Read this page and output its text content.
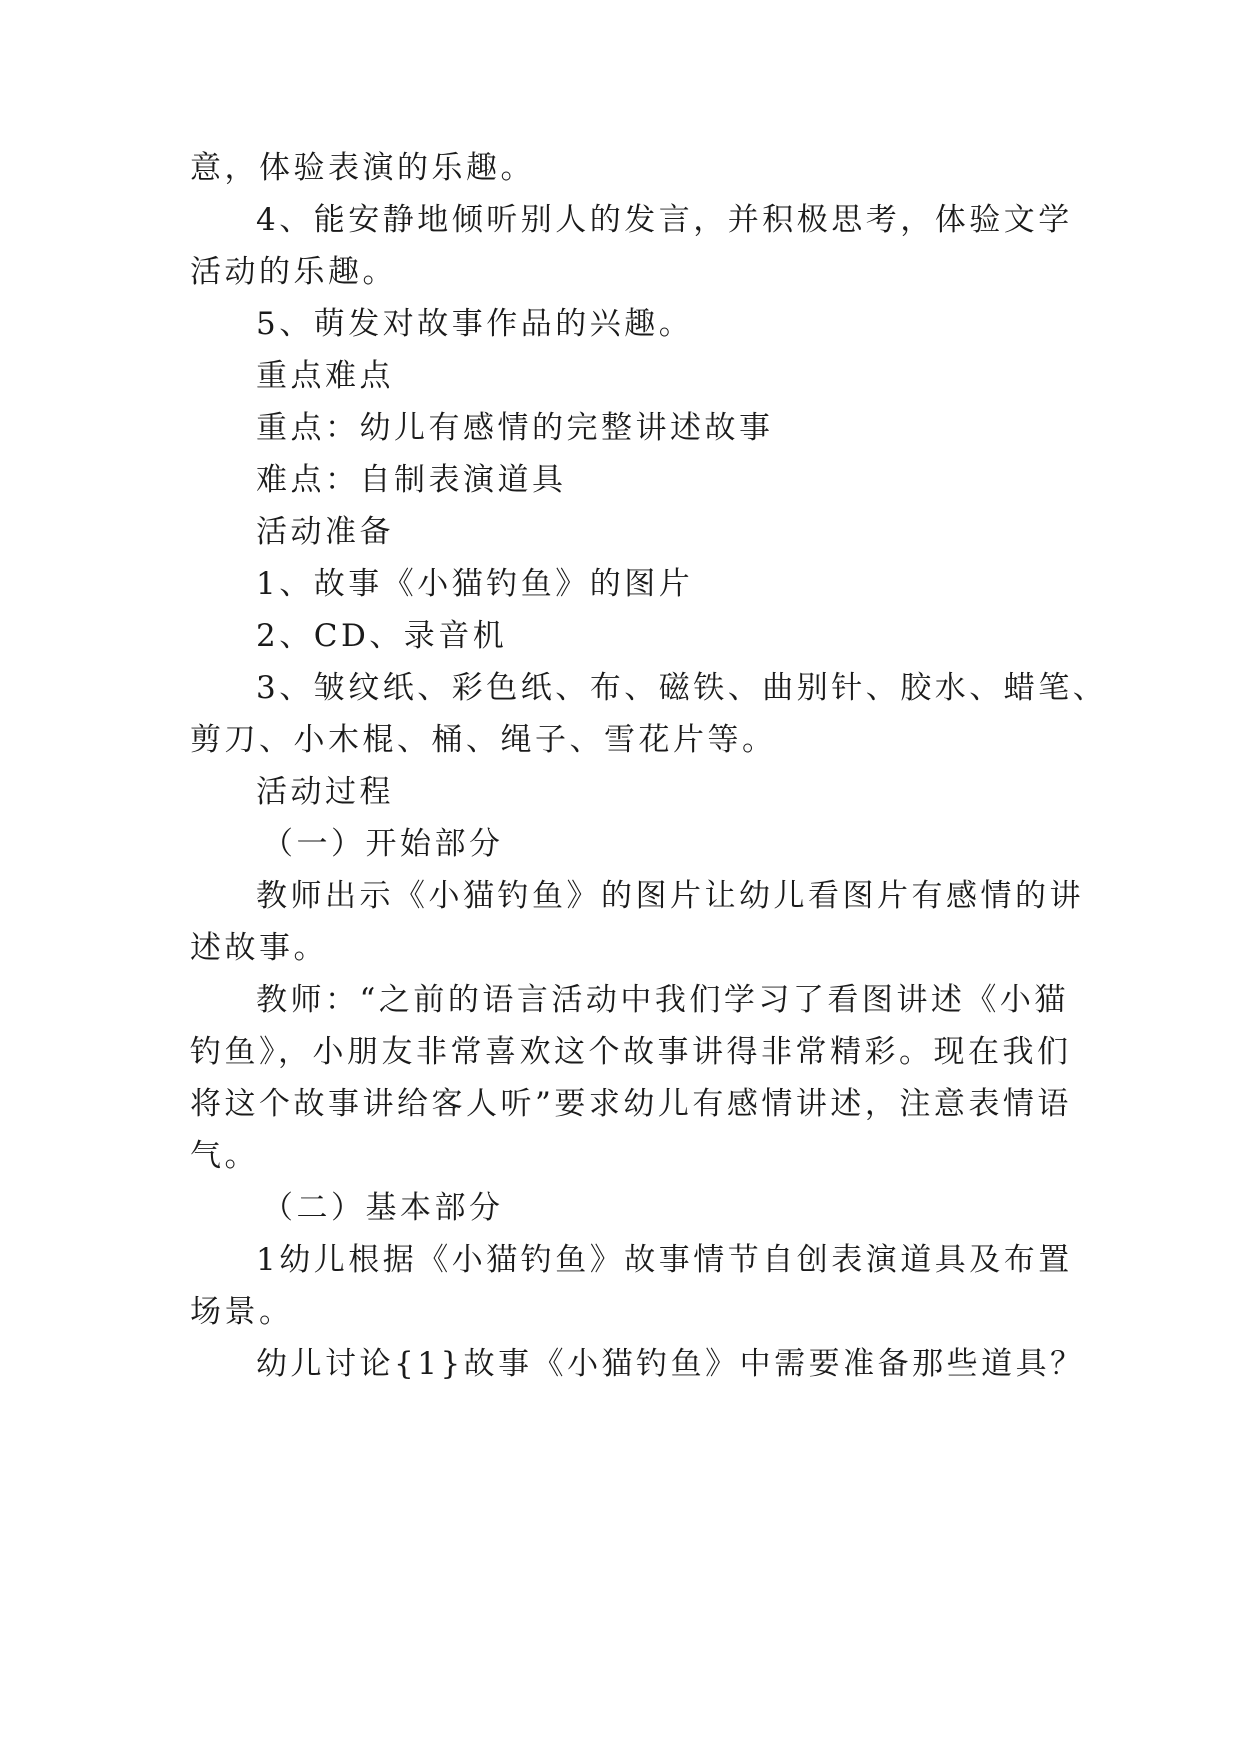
意，体验表演的乐趣。
4、能安静地倾听别人的发言，并积极思考，体验文学
活动的乐趣。
5、萌发对故事作品的兴趣。
重点难点
重点：幼儿有感情的完整讲述故事
难点：自制表演道具
活动准备
1、故事《小猫钓鱼》的图片
2、CD、录音机
3、皱纹纸、彩色纸、布、磁铁、曲别针、胶水、蜡笔、
剪刀、小木棍、桶、绳子、雪花片等。
活动过程
（一）开始部分
教师出示《小猫钓鱼》的图片让幼儿看图片有感情的讲
述故事。
教师：“之前的语言活动中我们学习了看图讲述《小猫
钓鱼》，小朋友非常喜欢这个故事讲得非常精彩。现在我们
将这个故事讲给客人听”要求幼儿有感情讲述，注意表情语
气。
（二）基本部分
1幼儿根据《小猫钓鱼》故事情节自创表演道具及布置
场景。
幼儿讨论{1}故事《小猫钓鱼》中需要准备那些道具？
